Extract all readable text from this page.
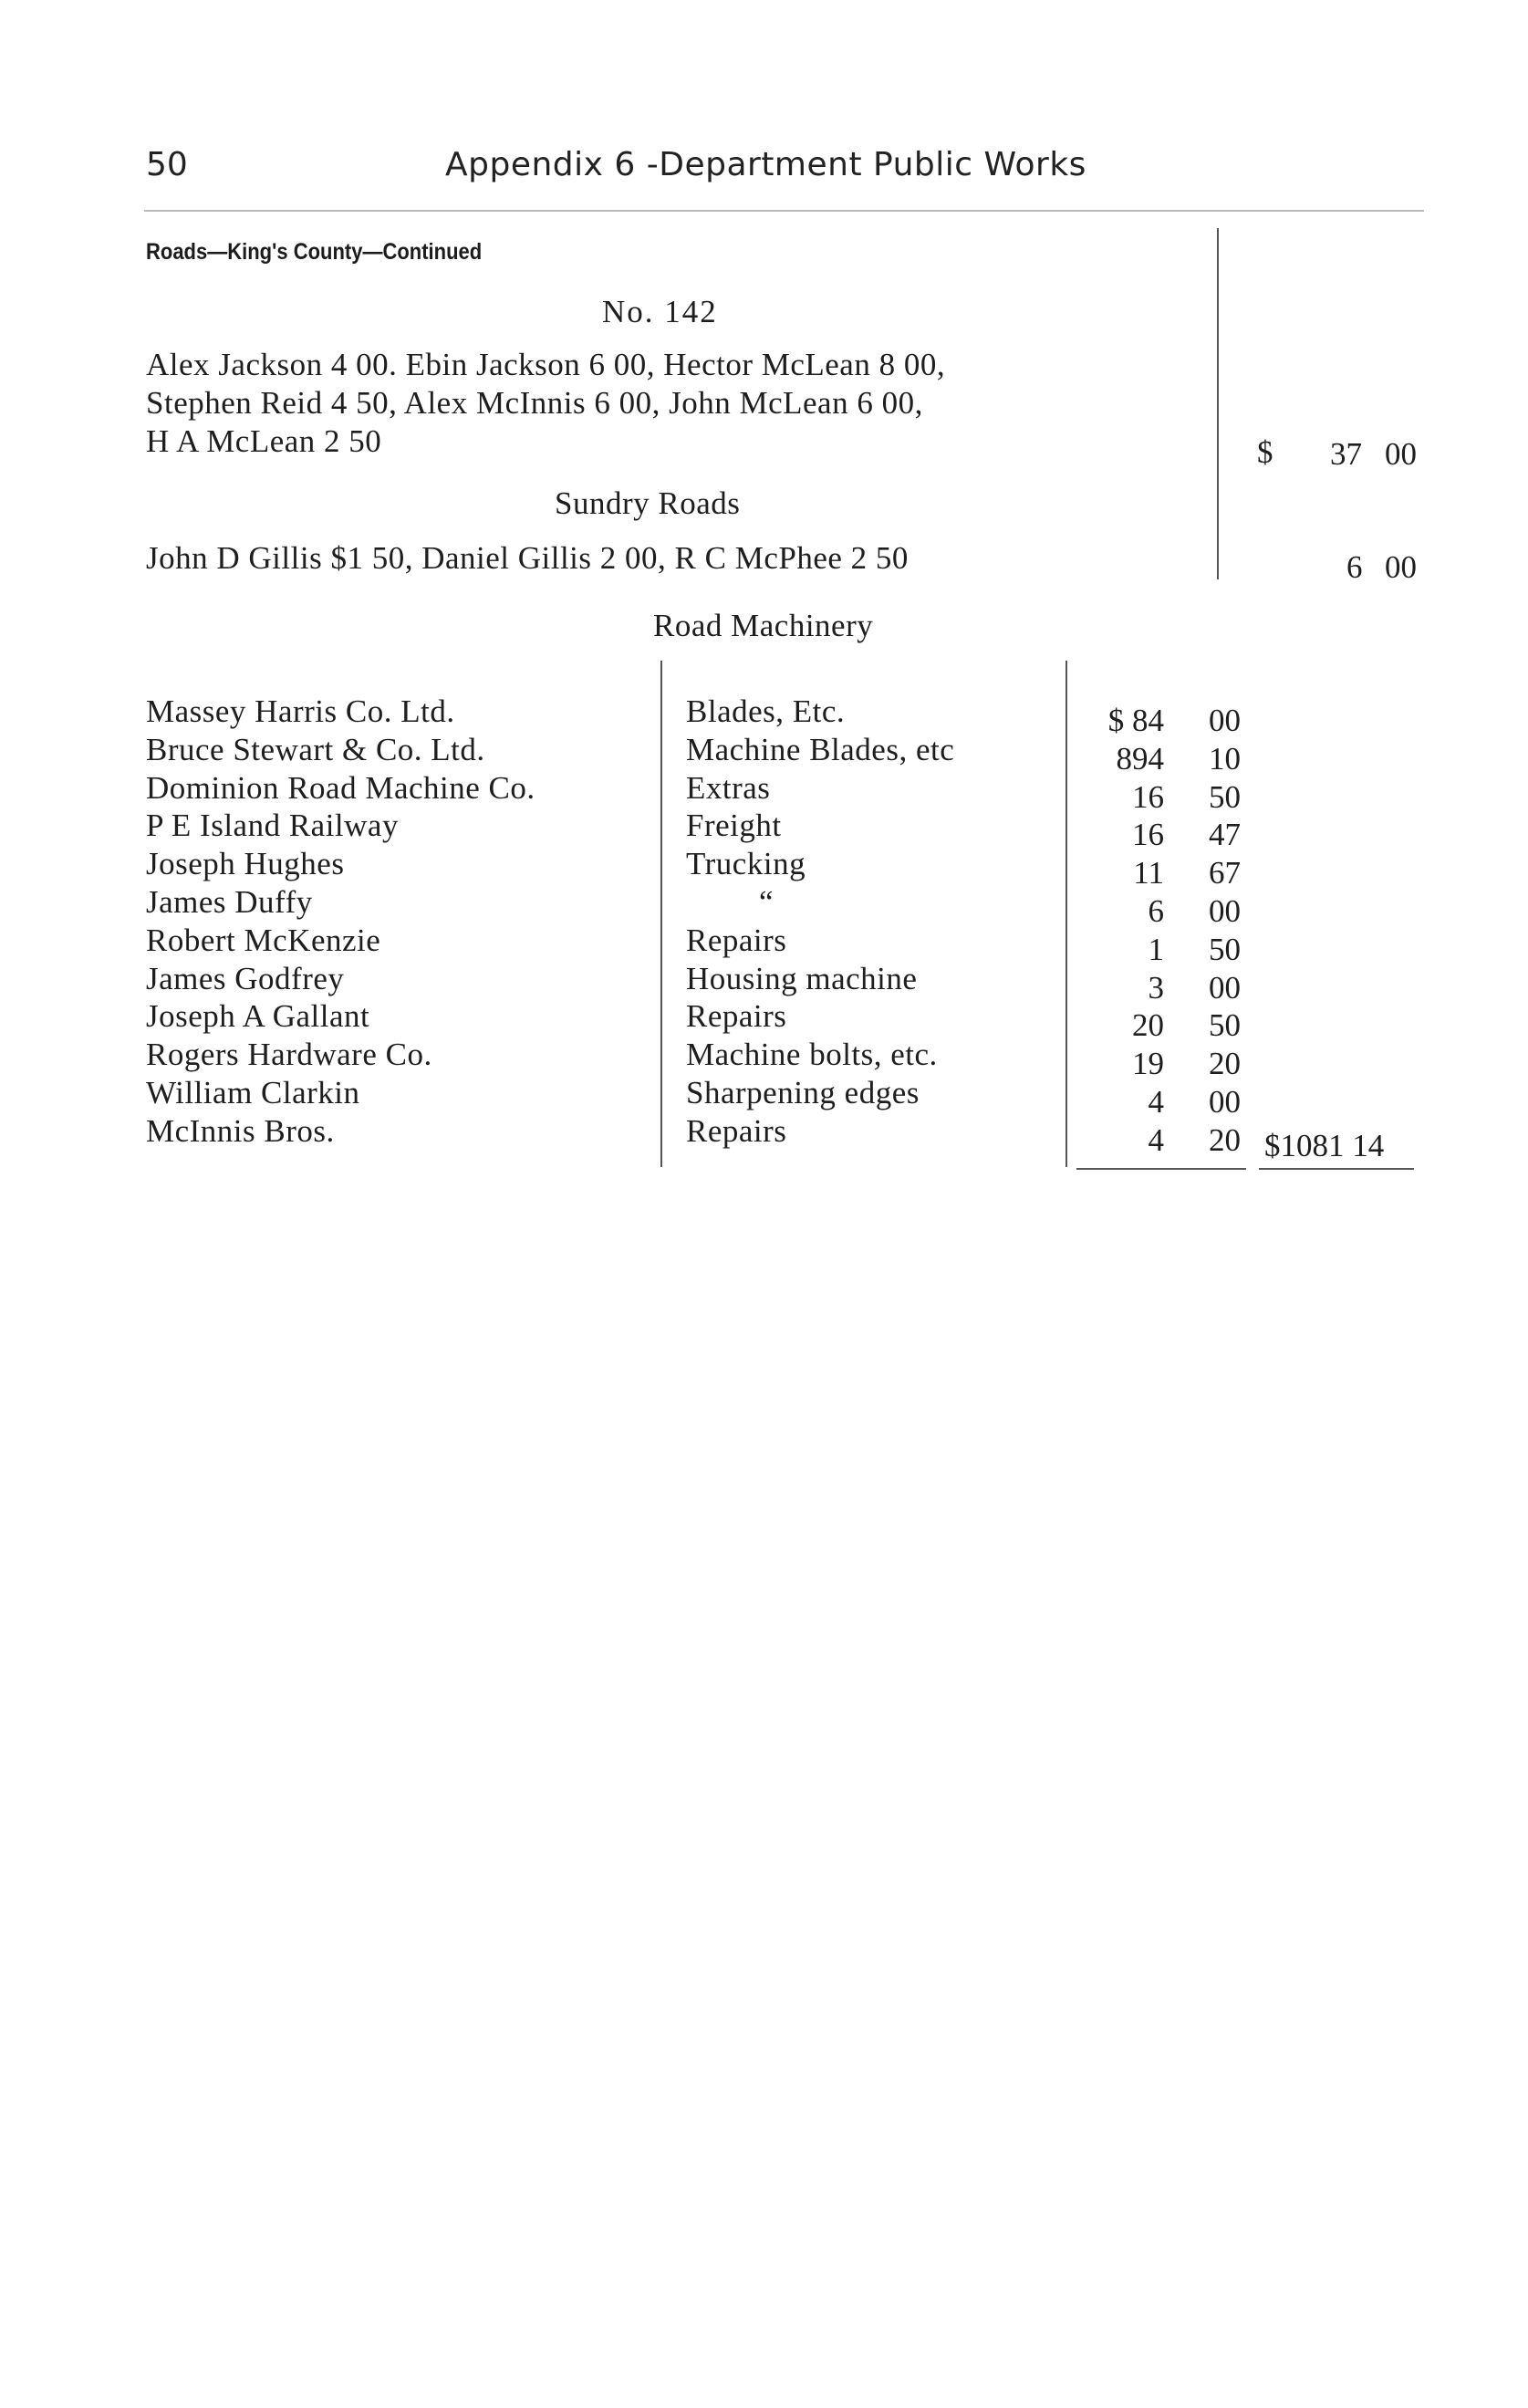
50	Appendix 6 -Department Public Works
Roads—King's County—Continued
No. 142
Alex Jackson 4 00. Ebin Jackson 6 00, Hector McLean 8 00,
Stephen Reid 4 50, Alex McInnis 6 00, John McLean 6 00,
H A McLean 2 50	$ 37 00
Sundry Roads
John D Gillis $1 50, Daniel Gillis 2 00, R C McPhee 2 50	6 00
Road Machinery
Massey Harris Co. Ltd.	Blades, Etc.	$ 84 00
Bruce Stewart & Co. Ltd.	Machine Blades, etc	894 10
Dominion Road Machine Co.	Extras	16 50
P E Island Railway	Freight	16 47
Joseph Hughes	Trucking	11 67
James Duffy	“	6 00
Robert McKenzie	Repairs	1 50
James Godfrey	Housing machine	3 00
Joseph A Gallant	Repairs	20 50
Rogers Hardware Co.	Machine bolts, etc.	19 20
William Clarkin	Sharpening edges	4 00
McInnis Bros.	Repairs	4 20 $1081 14
